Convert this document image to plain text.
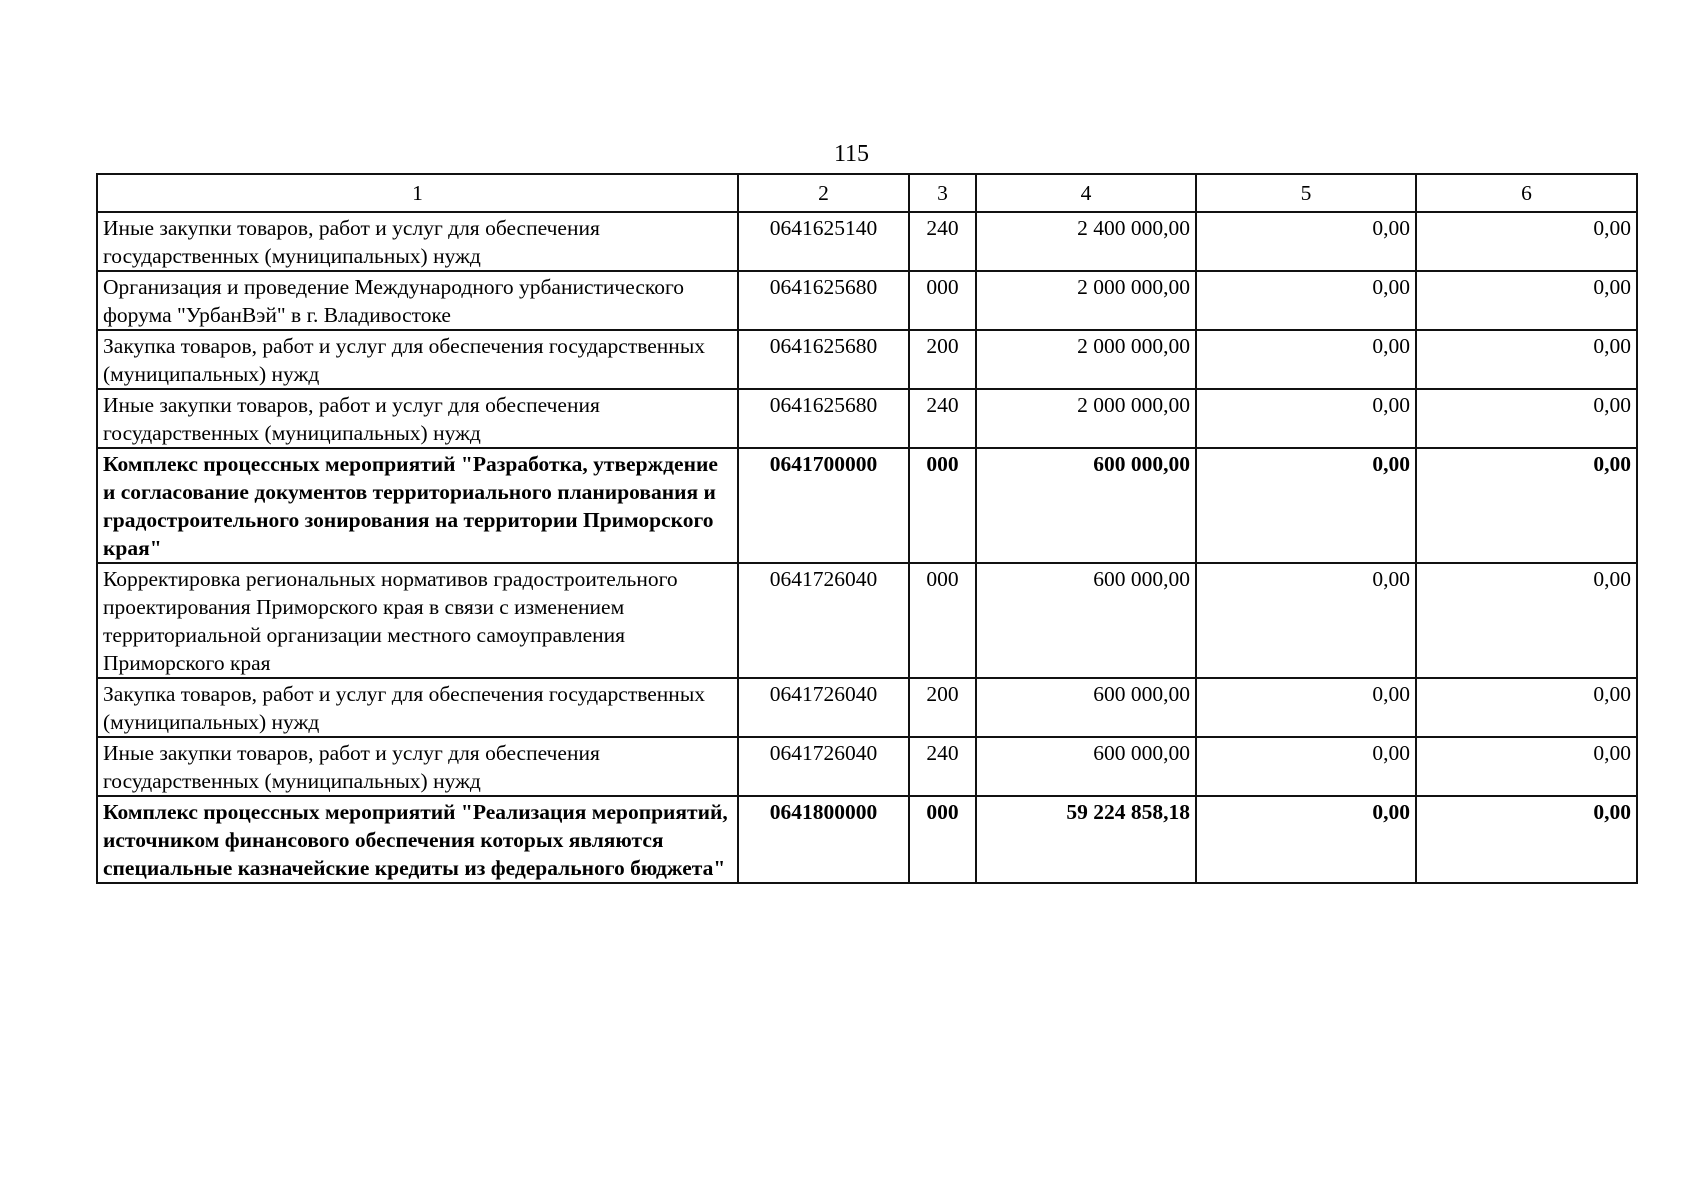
115
1	2	3	4	5	6
Иные закупки товаров, работ и услуг для обеспечения государственных (муниципальных) нужд	0641625140	240	2 400 000,00	0,00	0,00
Организация и проведение Международного урбанистического форума "УрбанВэй" в г. Владивостоке	0641625680	000	2 000 000,00	0,00	0,00
Закупка товаров, работ и услуг для обеспечения государственных (муниципальных) нужд	0641625680	200	2 000 000,00	0,00	0,00
Иные закупки товаров, работ и услуг для обеспечения государственных (муниципальных) нужд	0641625680	240	2 000 000,00	0,00	0,00
Комплекс процессных мероприятий "Разработка, утверждение и согласование документов территориального планирования и градостроительного зонирования на территории Приморского края"	0641700000	000	600 000,00	0,00	0,00
Корректировка региональных нормативов градостроительного проектирования Приморского края в связи с изменением территориальной организации местного самоуправления Приморского края	0641726040	000	600 000,00	0,00	0,00
Закупка товаров, работ и услуг для обеспечения государственных (муниципальных) нужд	0641726040	200	600 000,00	0,00	0,00
Иные закупки товаров, работ и услуг для обеспечения государственных (муниципальных) нужд	0641726040	240	600 000,00	0,00	0,00
Комплекс процессных мероприятий "Реализация мероприятий, источником финансового обеспечения которых являются специальные казначейские кредиты из федерального бюджета"	0641800000	000	59 224 858,18	0,00	0,00
